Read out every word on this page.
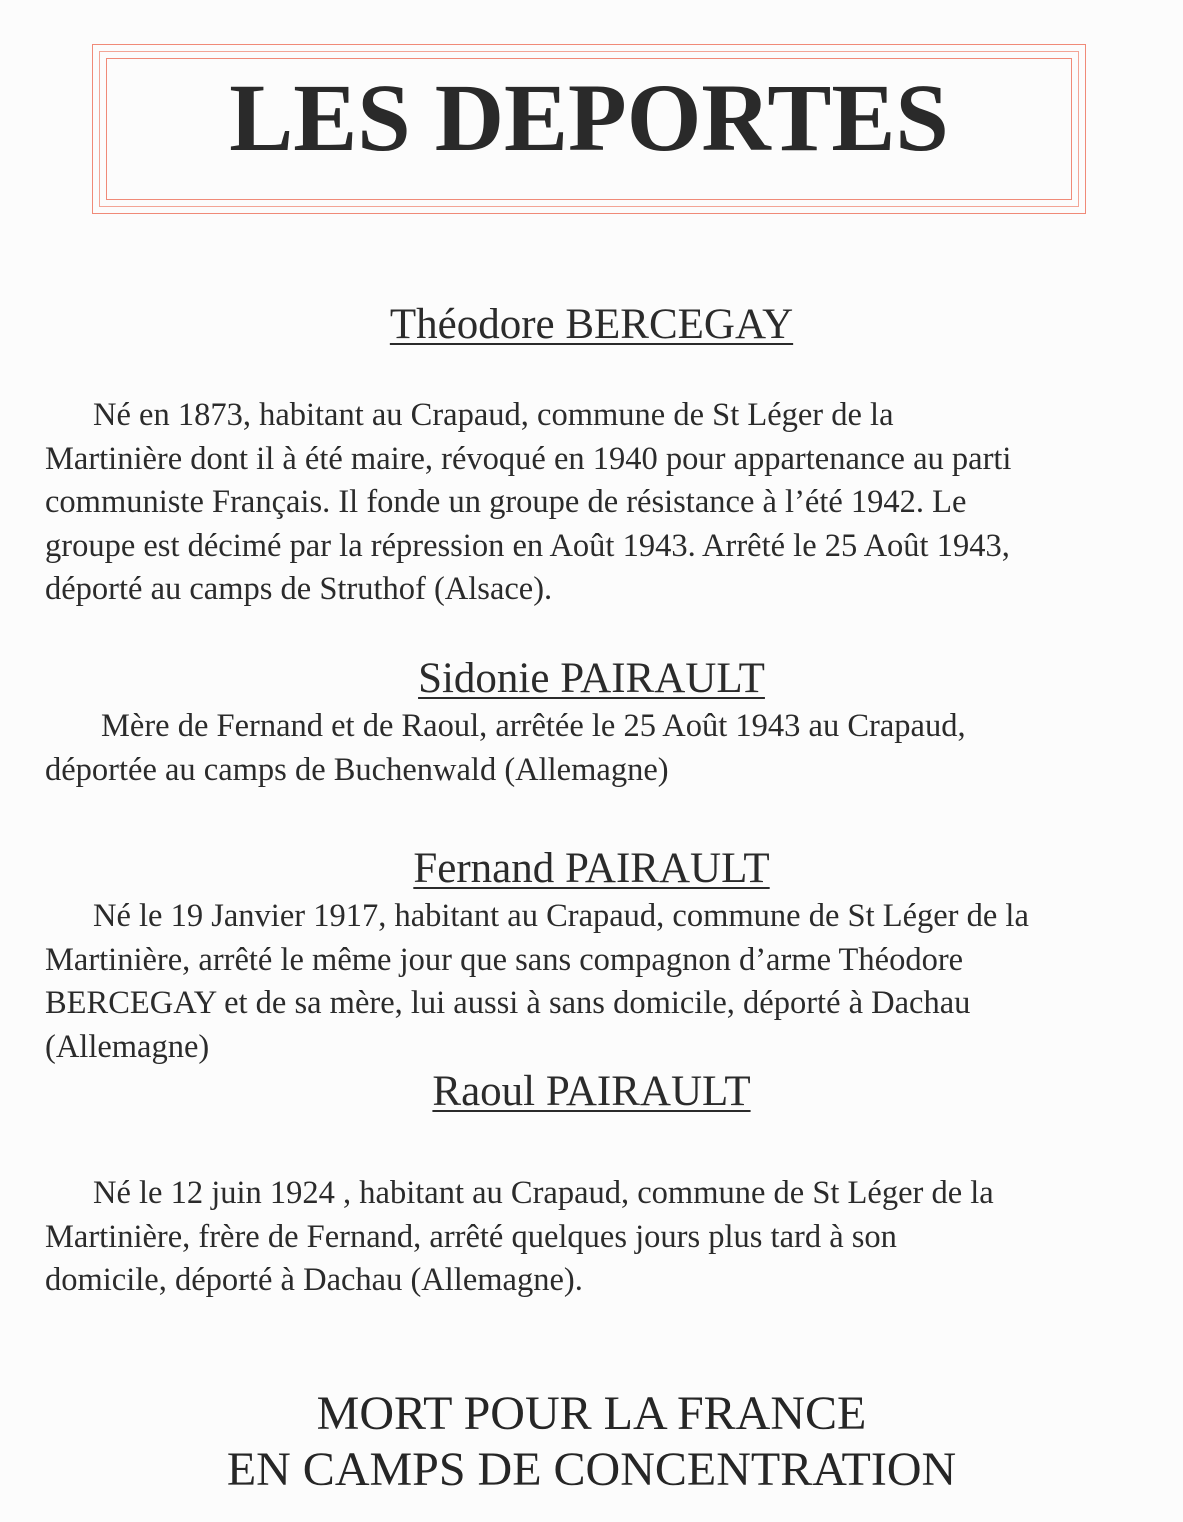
LES DEPORTES
Théodore BERCEGAY
Né en 1873, habitant au Crapaud, commune de St Léger de la
Martinière dont il à été maire, révoqué en 1940 pour appartenance au parti
communiste Français. Il fonde un groupe de résistance à l’été 1942. Le
groupe est décimé par la répression en Août 1943. Arrêté le 25 Août 1943,
déporté au camps de Struthof (Alsace).
Sidonie PAIRAULT
Mère de Fernand et de Raoul, arrêtée le 25 Août 1943 au Crapaud,
déportée au camps de Buchenwald (Allemagne)
Fernand PAIRAULT
Né le 19 Janvier 1917, habitant au Crapaud, commune de St Léger de la
Martinière, arrêté le même jour que sans compagnon d’arme Théodore
BERCEGAY et de sa mère, lui aussi à sans domicile, déporté à Dachau
(Allemagne)
Raoul PAIRAULT
Né le 12 juin 1924 , habitant au Crapaud, commune de St Léger de la
Martinière, frère de Fernand, arrêté quelques jours plus tard à son
domicile, déporté à Dachau (Allemagne).

MORT POUR LA FRANCE

EN CAMPS DE CONCENTRATION
